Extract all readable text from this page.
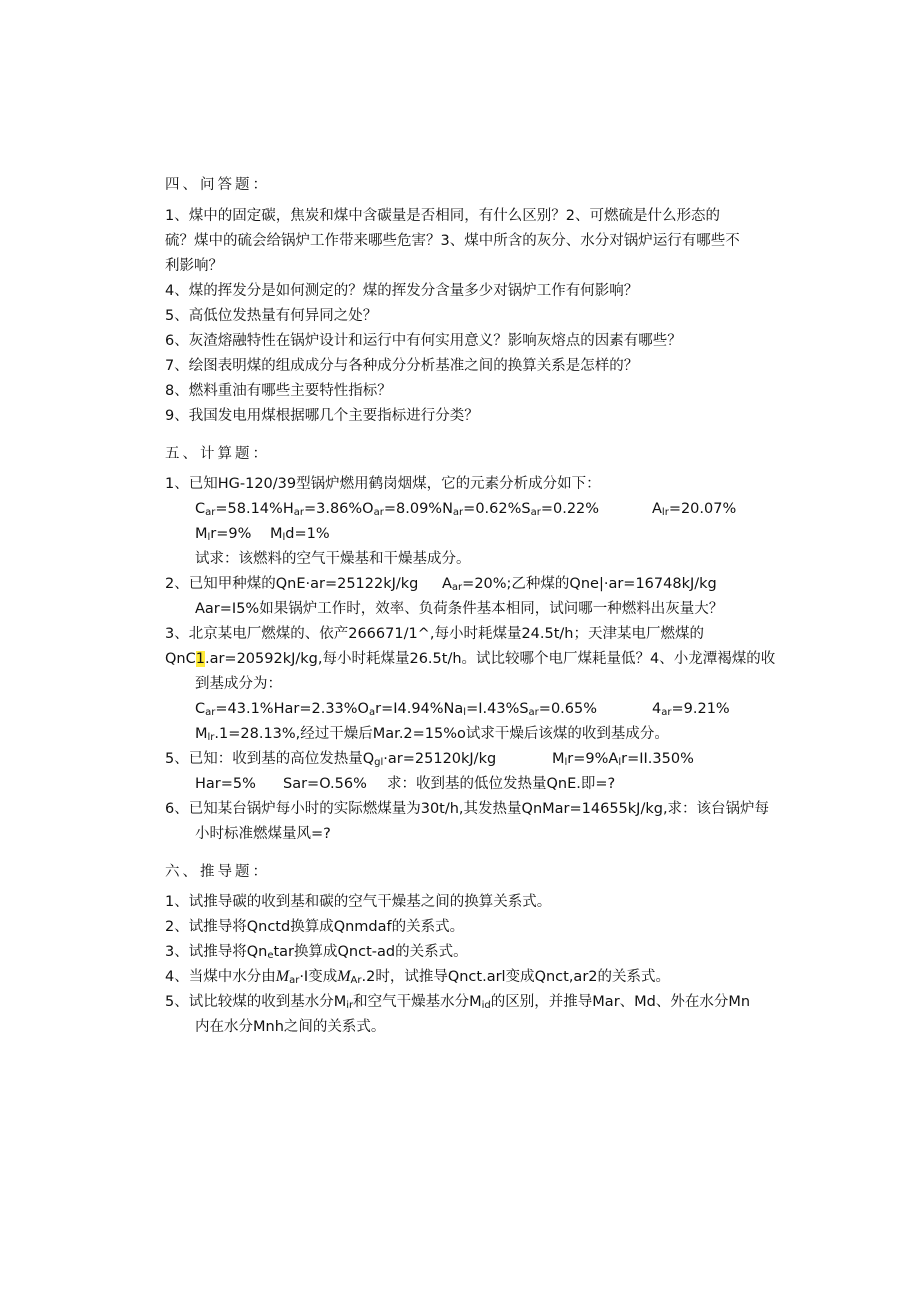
四、问答题：
1、煤中的固定碳，焦炭和煤中含碳量是否相同，有什么区别？2、可燃硫是什么形态的
硫？煤中的硫会给锅炉工作带来哪些危害？3、煤中所含的灰分、水分对锅炉运行有哪些不
利影响？
4、煤的挥发分是如何测定的？煤的挥发分含量多少对锅炉工作有何影响？
5、高低位发热量有何异同之处？
6、灰渣熔融特性在锅炉设计和运行中有何实用意义？影响灰熔点的因素有哪些？
7、绘图表明煤的组成成分与各种成分分析基准之间的换算关系是怎样的？
8、燃料重油有哪些主要特性指标？
9、我国发电用煤根据哪几个主要指标进行分类？
五、计算题：
1、已知HG-120/39型锅炉燃用鹤岗烟煤，它的元素分析成分如下：
$C_{ar}=58.14\%H_{ar}=3.86\%O_{ar}=8.09\%N_{ar}=0.62\%S_{ar}=0.22\%$	$A_{lr}=20.07\%$
$M_lr=9\%$ $M_ld=1\%$
试求：该燃料的空气干燥基和干燥基成分。
2、已知甲种煤的QnE·ar=25122kJ/kg $A_{ar}=20\%$;乙种煤的Qne|·ar=16748kJ/kg
Aar=I5%如果锅炉工作时，效率、负荷条件基本相同，试问哪一种燃料出灰量大？
3、北京某电厂燃煤的、依产266671/1^,每小时耗煤量24.5t/h；天津某电厂燃煤的
QnC1.ar=20592kJ/kg,每小时耗煤量26.5t/h。试比较哪个电厂煤耗量低？4、小龙潭褐煤的收
到基成分为：
$C_{ar}=43.1\%Har=2.33\%O_ar=I4.94\%Na_l=I.43\%S_{ar}=0.65\%$	$4_{ar}=9.21\%$
$M_{lr}.1=28.13\%$,经过干燥后Mar.2=15%o试求干燥后该煤的收到基成分。
5、已知：收到基的高位发热量$Q_{gl}\cdot ar=25120kJ/kg$	$M_lr=9\%A_lr=II.350\%$
Har=5% Sar=O.56% 求：收到基的低位发热量QnE.即=?
6、已知某台锅炉每小时的实际燃煤量为30t/h,其发热量QnMar=14655kJ/kg,求：该台锅炉每
小时标准燃煤量风=?
六、推导题：
1、试推导碳的收到基和碳的空气干燥基之间的换算关系式。
2、试推导将Qnctd换算成Qnmdaf的关系式。
3、试推导将$Qn_etar$换算成Qnct-ad的关系式。
4、当煤中水分由$M_{ar}\cdot I$变成$M_{Ar}.2$时，试推导Qnct.arl变成Qnct,ar2的关系式。
5、试比较煤的收到基水分$M_{ir}$和空气干燥基水分$M_{id}$的区别，并推导Mar、Md、外在水分Mn
内在水分Mnh之间的关系式。
